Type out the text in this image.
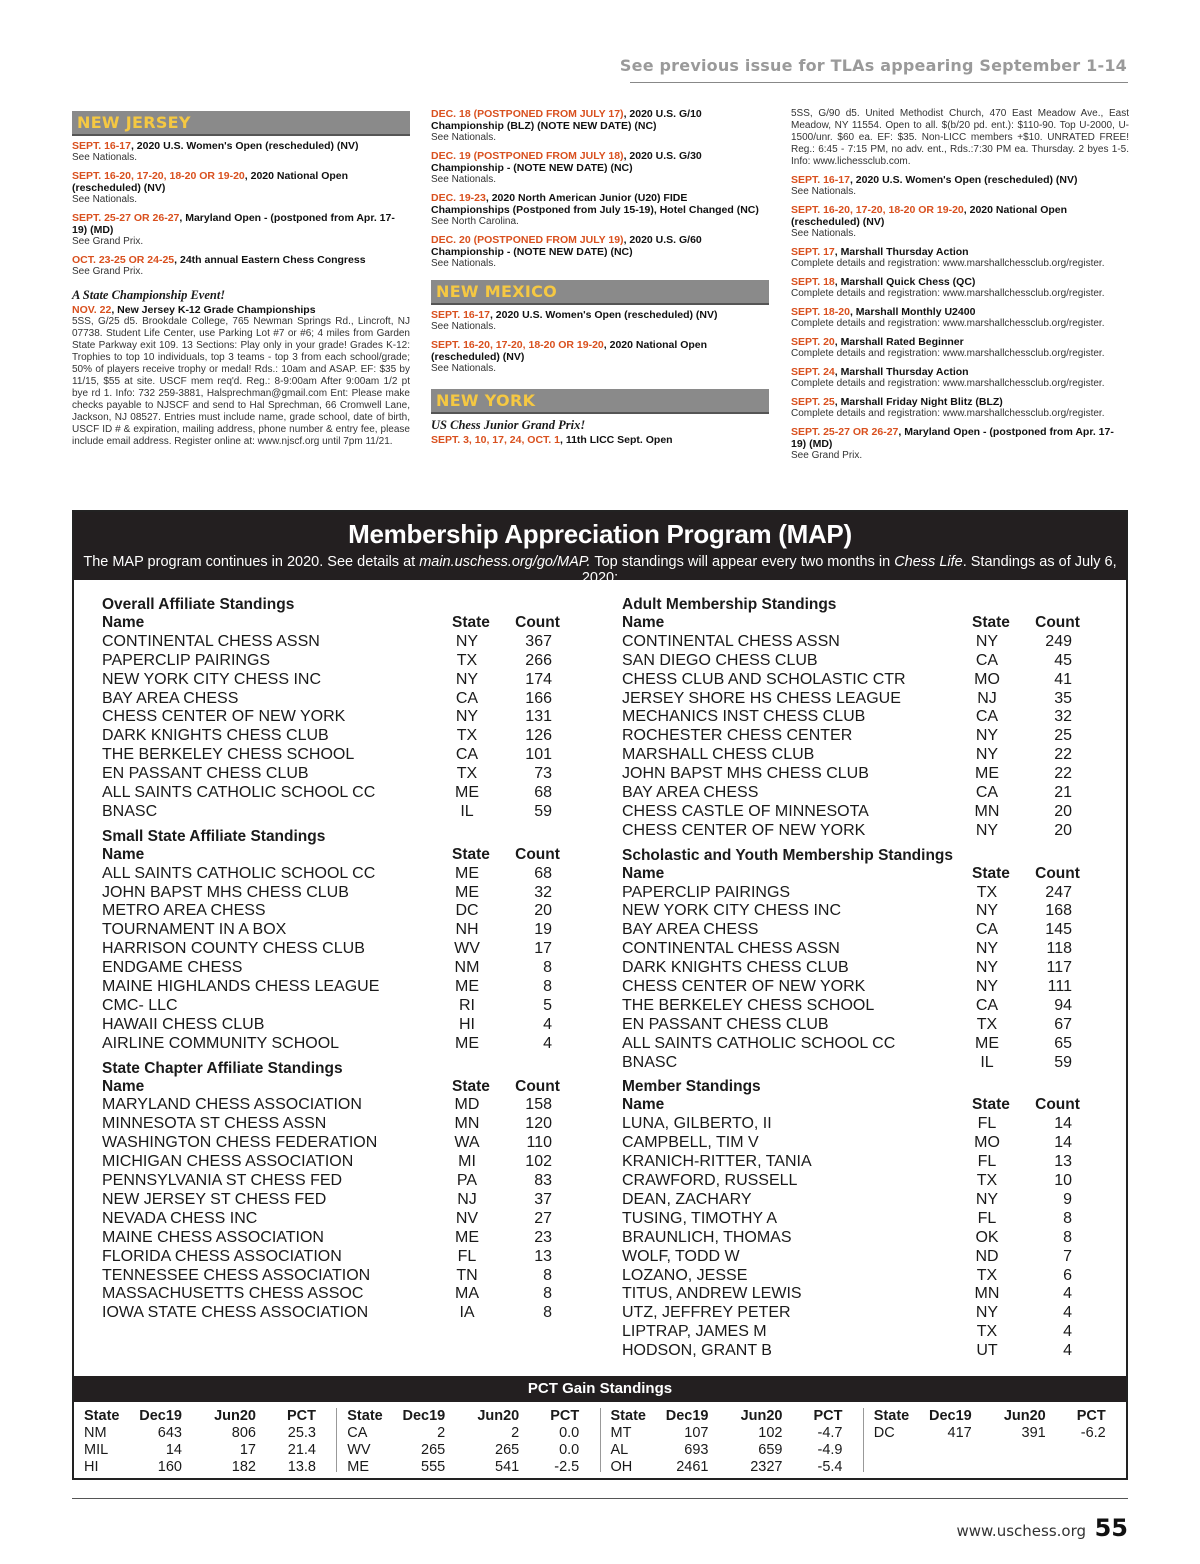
See previous issue for TLAs appearing September 1-14
NEW JERSEY
SEPT. 16-17, 2020 U.S. Women's Open (rescheduled) (NV)
See Nationals.
SEPT. 16-20, 17-20, 18-20 OR 19-20, 2020 National Open (rescheduled) (NV)
See Nationals.
SEPT. 25-27 OR 26-27, Maryland Open - (postponed from Apr. 17-19) (MD)
See Grand Prix.
OCT. 23-25 OR 24-25, 24th annual Eastern Chess Congress
See Grand Prix.
A State Championship Event!
NOV. 22, New Jersey K-12 Grade Championships
5SS, G/25 d5. Brookdale College, 765 Newman Springs Rd., Lincroft, NJ 07738. Student Life Center, use Parking Lot #7 or #6; 4 miles from Garden State Parkway exit 109. 13 Sections: Play only in your grade! Grades K-12: Trophies to top 10 individuals, top 3 teams - top 3 from each school/grade; 50% of players receive trophy or medal! Rds.: 10am and ASAP. EF: $35 by 11/15, $55 at site. USCF mem req'd. Reg.: 8-9:00am After 9:00am 1/2 pt bye rd 1. Info: 732 259-3881, Halsprechman@gmail.com Ent: Please make checks payable to NJSCF and send to Hal Sprechman, 66 Cromwell Lane, Jackson, NJ 08527. Entries must include name, grade school, date of birth, USCF ID # & expiration, mailing address, phone number & entry fee, please include email address. Register online at: www.njscf.org until 7pm 11/21.
DEC. 18 (POSTPONED FROM JULY 17), 2020 U.S. G/10 Championship (BLZ) (NOTE NEW DATE) (NC)
See Nationals.
DEC. 19 (POSTPONED FROM JULY 18), 2020 U.S. G/30 Championship - (NOTE NEW DATE) (NC)
See Nationals.
DEC. 19-23, 2020 North American Junior (U20) FIDE Championships (Postponed from July 15-19), Hotel Changed (NC)
See North Carolina.
DEC. 20 (POSTPONED FROM JULY 19), 2020 U.S. G/60 Championship - (NOTE NEW DATE) (NC)
See Nationals.
NEW MEXICO
SEPT. 16-17, 2020 U.S. Women's Open (rescheduled) (NV)
See Nationals.
SEPT. 16-20, 17-20, 18-20 OR 19-20, 2020 National Open (rescheduled) (NV)
See Nationals.
NEW YORK
US Chess Junior Grand Prix!
SEPT. 3, 10, 17, 24, OCT. 1, 11th LICC Sept. Open
5SS, G/90 d5. United Methodist Church, 470 East Meadow Ave., East Meadow, NY 11554. Open to all. $(b/20 pd. ent.): $110-90. Top U-2000, U-1500/unr. $60 ea. EF: $35. Non-LICC members +$10. UNRATED FREE! Reg.: 6:45 - 7:15 PM, no adv. ent., Rds.:7:30 PM ea. Thursday. 2 byes 1-5. Info: www.lichessclub.com.
SEPT. 16-17, 2020 U.S. Women's Open (rescheduled) (NV)
See Nationals.
SEPT. 16-20, 17-20, 18-20 OR 19-20, 2020 National Open (rescheduled) (NV)
See Nationals.
SEPT. 17, Marshall Thursday Action
Complete details and registration: www.marshallchessclub.org/register.
SEPT. 18, Marshall Quick Chess (QC)
Complete details and registration: www.marshallchessclub.org/register.
SEPT. 18-20, Marshall Monthly U2400
Complete details and registration: www.marshallchessclub.org/register.
SEPT. 20, Marshall Rated Beginner
Complete details and registration: www.marshallchessclub.org/register.
SEPT. 24, Marshall Thursday Action
Complete details and registration: www.marshallchessclub.org/register.
SEPT. 25, Marshall Friday Night Blitz (BLZ)
Complete details and registration: www.marshallchessclub.org/register.
SEPT. 25-27 OR 26-27, Maryland Open - (postponed from Apr. 17-19) (MD)
See Grand Prix.
Membership Appreciation Program (MAP)
The MAP program continues in 2020. See details at main.uschess.org/go/MAP. Top standings will appear every two months in Chess Life. Standings as of July 6, 2020:
Overall Affiliate Standings
Name	State	Count
CONTINENTAL CHESS ASSN	NY	367
PAPERCLIP PAIRINGS	TX	266
NEW YORK CITY CHESS INC	NY	174
BAY AREA CHESS	CA	166
CHESS CENTER OF NEW YORK	NY	131
DARK KNIGHTS CHESS CLUB	TX	126
THE BERKELEY CHESS SCHOOL	CA	101
EN PASSANT CHESS CLUB	TX	73
ALL SAINTS CATHOLIC SCHOOL CC	ME	68
BNASC	IL	59
Small State Affiliate Standings
Name	State	Count
ALL SAINTS CATHOLIC SCHOOL CC	ME	68
JOHN BAPST MHS CHESS CLUB	ME	32
METRO AREA CHESS	DC	20
TOURNAMENT IN A BOX	NH	19
HARRISON COUNTY CHESS CLUB	WV	17
ENDGAME CHESS	NM	8
MAINE HIGHLANDS CHESS LEAGUE	ME	8
CMC- LLC	RI	5
HAWAII CHESS CLUB	HI	4
AIRLINE COMMUNITY SCHOOL	ME	4
State Chapter Affiliate Standings
Name	State	Count
MARYLAND CHESS ASSOCIATION	MD	158
MINNESOTA ST CHESS ASSN	MN	120
WASHINGTON CHESS FEDERATION	WA	110
MICHIGAN CHESS ASSOCIATION	MI	102
PENNSYLVANIA ST CHESS FED	PA	83
NEW JERSEY ST CHESS FED	NJ	37
NEVADA CHESS INC	NV	27
MAINE CHESS ASSOCIATION	ME	23
FLORIDA CHESS ASSOCIATION	FL	13
TENNESSEE CHESS ASSOCIATION	TN	8
MASSACHUSETTS CHESS ASSOC	MA	8
IOWA STATE CHESS ASSOCIATION	IA	8
Adult Membership Standings
Name	State	Count
CONTINENTAL CHESS ASSN	NY	249
SAN DIEGO CHESS CLUB	CA	45
CHESS CLUB AND SCHOLASTIC CTR	MO	41
JERSEY SHORE HS CHESS LEAGUE	NJ	35
MECHANICS INST CHESS CLUB	CA	32
ROCHESTER CHESS CENTER	NY	25
MARSHALL CHESS CLUB	NY	22
JOHN BAPST MHS CHESS CLUB	ME	22
BAY AREA CHESS	CA	21
CHESS CASTLE OF MINNESOTA	MN	20
CHESS CENTER OF NEW YORK	NY	20
Scholastic and Youth Membership Standings
Name	State	Count
PAPERCLIP PAIRINGS	TX	247
NEW YORK CITY CHESS INC	NY	168
BAY AREA CHESS	CA	145
CONTINENTAL CHESS ASSN	NY	118
DARK KNIGHTS CHESS CLUB	NY	117
CHESS CENTER OF NEW YORK	NY	111
THE BERKELEY CHESS SCHOOL	CA	94
EN PASSANT CHESS CLUB	TX	67
ALL SAINTS CATHOLIC SCHOOL CC	ME	65
BNASC	IL	59
Member Standings
Name	State	Count
LUNA, GILBERTO, II	FL	14
CAMPBELL, TIM V	MO	14
KRANICH-RITTER, TANIA	FL	13
CRAWFORD, RUSSELL	TX	10
DEAN, ZACHARY	NY	9
TUSING, TIMOTHY A	FL	8
BRAUNLICH, THOMAS	OK	8
WOLF, TODD W	ND	7
LOZANO, JESSE	TX	6
TITUS, ANDREW LEWIS	MN	4
UTZ, JEFFREY PETER	NY	4
LIPTRAP, JAMES M	TX	4
HODSON, GRANT B	UT	4
PCT Gain Standings
State	Dec19	Jun20	PCT
NM	643	806	25.3
MIL	14	17	21.4
HI	160	182	13.8
State	Dec19	Jun20	PCT
CA	2	2	0.0
WV	265	265	0.0
ME	555	541	-2.5
State	Dec19	Jun20	PCT
MT	107	102	-4.7
AL	693	659	-4.9
OH	2461	2327	-5.4
State	Dec19	Jun20	PCT
DC	417	391	-6.2
www.uschess.org 55
